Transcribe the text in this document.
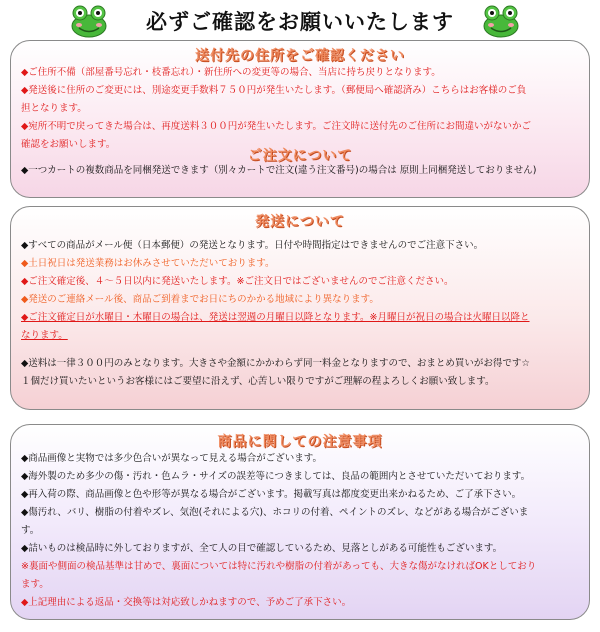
必ずご確認をお願いいたします
送付先の住所をご確認ください
◆ご住所不備（部屋番号忘れ・枝番忘れ）・新住所への変更等の場合、当店に持ち戻りとなります。
◆発送後に住所のご変更には、別途変更手数料７５０円が発生いたします。（郵便局へ確認済み）こちらはお客様のご負
担となります。
◆宛所不明で戻ってきた場合は、再度送料３００円が発生いたします。ご注文時に送付先のご住所にお間違いがないかご
確認をお願いします。
ご注文について
◆一つカートの複数商品を同梱発送できます（別々カートで注文(違う注文番号)の場合は 原則上同梱発送しておりません)
発送について
◆すべての商品がメール便（日本郵便）の発送となります。日付や時間指定はできませんのでご注意下さい。
◆土日祝日は発送業務はお休みさせていただいております。
◆ご注文確定後、４～５日以内に発送いたします。※ご注文日ではございませんのでご注意ください。
◆発送のご連絡メール後、商品ご到着までお日にちのかかる地域により異なります。
◆ご注文確定日が水曜日・木曜日の場合は、発送は翌週の月曜日以降となります。※月曜日が祝日の場合は火曜日以降と
なります。
◆送料は一律３００円のみとなります。大きさや金額にかかわらず同一料金となりますので、おまとめ買いがお得です☆
１個だけ買いたいというお客様にはご要望に沿えず、心苦しい限りですがご理解の程よろしくお願い致します。
商品に関しての注意事項
◆商品画像と実物では多少色合いが異なって見える場合がございます。
◆海外製のため多少の傷・汚れ・色ムラ・サイズの誤差等につきましては、良品の範囲内とさせていただいております。
◆再入荷の際、商品画像と色や形等が異なる場合がございます。掲載写真は都度変更出来かねるため、ご了承下さい。
◆傷汚れ、バリ、樹脂の付着やズレ、気泡(それによる穴)、ホコリの付着、ペイントのズレ、などがある場合がございま
す。
◆詰いものは検品時に外しておりますが、全て人の目で確認しているため、見落としがある可能性もございます。
※裏面や側面の検品基準は甘めで、裏面については特に汚れや樹脂の付着があっても、大きな傷がなければOKとしており
ます。
◆上記理由による返品・交換等は対応致しかねますので、予めご了承下さい。
